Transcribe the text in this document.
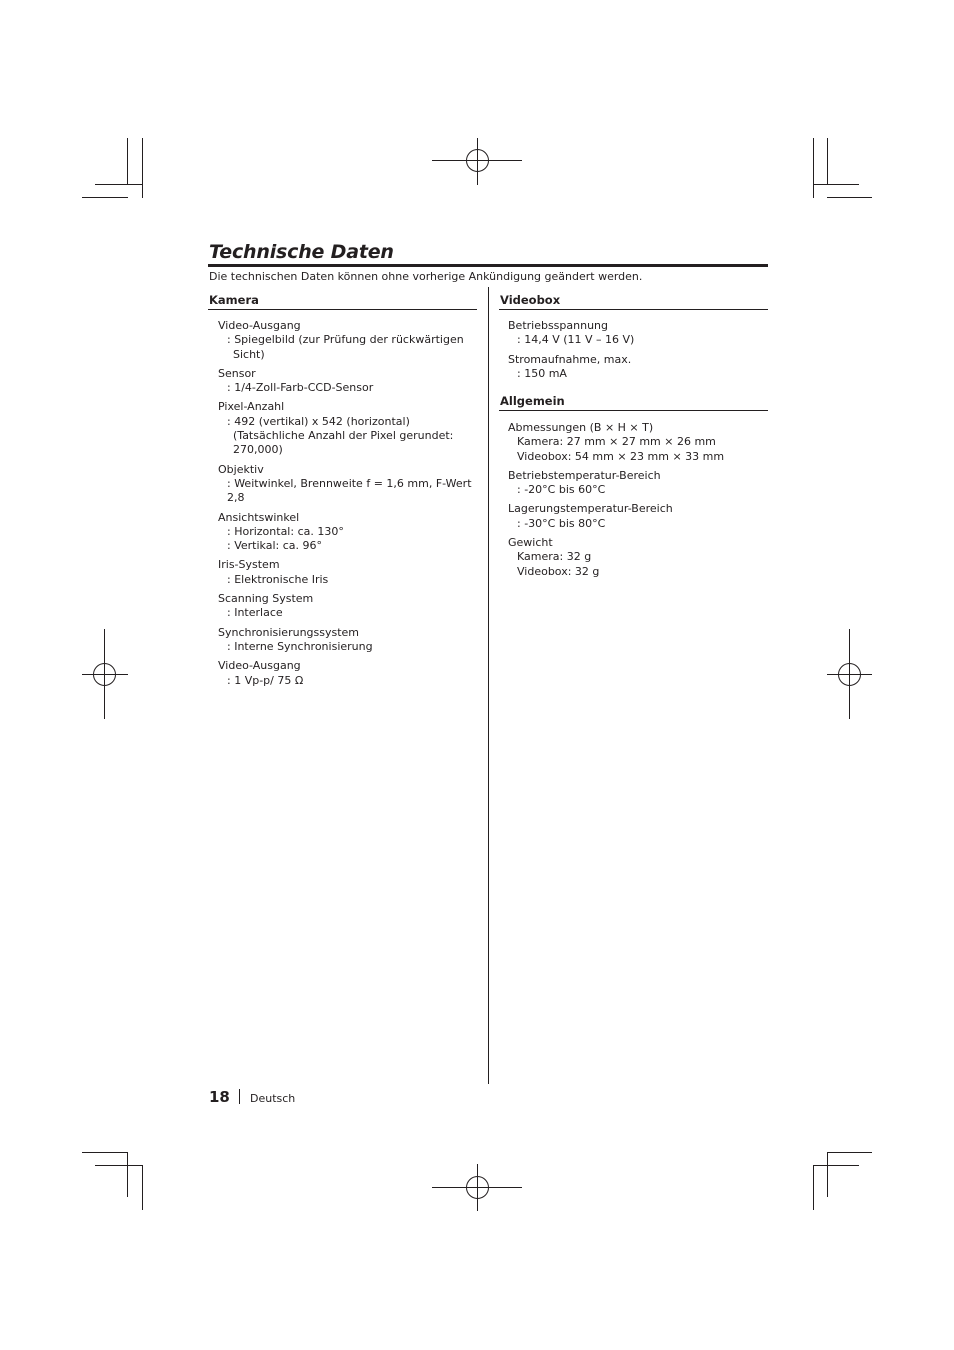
Technische Daten

Die technischen Daten können ohne vorherige Ankündigung geändert werden.

Kamera
Video-Ausgang
: Spiegelbild (zur Prüfung der rückwärtigen
Sicht)
Sensor
: 1/4-Zoll-Farb-CCD-Sensor
Pixel-Anzahl
: 492 (vertikal) x 542 (horizontal)
(Tatsächliche Anzahl der Pixel gerundet:
270,000)
Objektiv
: Weitwinkel, Brennweite f = 1,6 mm, F-Wert 2,8
Ansichtswinkel
: Horizontal: ca. 130°
: Vertikal: ca. 96°
Iris-System
: Elektronische Iris
Scanning System
: Interlace
Synchronisierungssystem
: Interne Synchronisierung
Video-Ausgang
: 1 Vp-p/ 75 Ω
Videobox
Betriebsspannung
: 14,4 V (11 V – 16 V)
Stromaufnahme, max.
: 150 mA
Allgemein
Abmessungen (B × H × T)
Kamera: 27 mm × 27 mm × 26 mm
Videobox: 54 mm × 23 mm × 33 mm
Betriebstemperatur-Bereich
: -20°C bis 60°C
Lagerungstemperatur-Bereich
: -30°C bis 80°C
Gewicht
Kamera: 32 g
Videobox: 32 g
18 Deutsch
